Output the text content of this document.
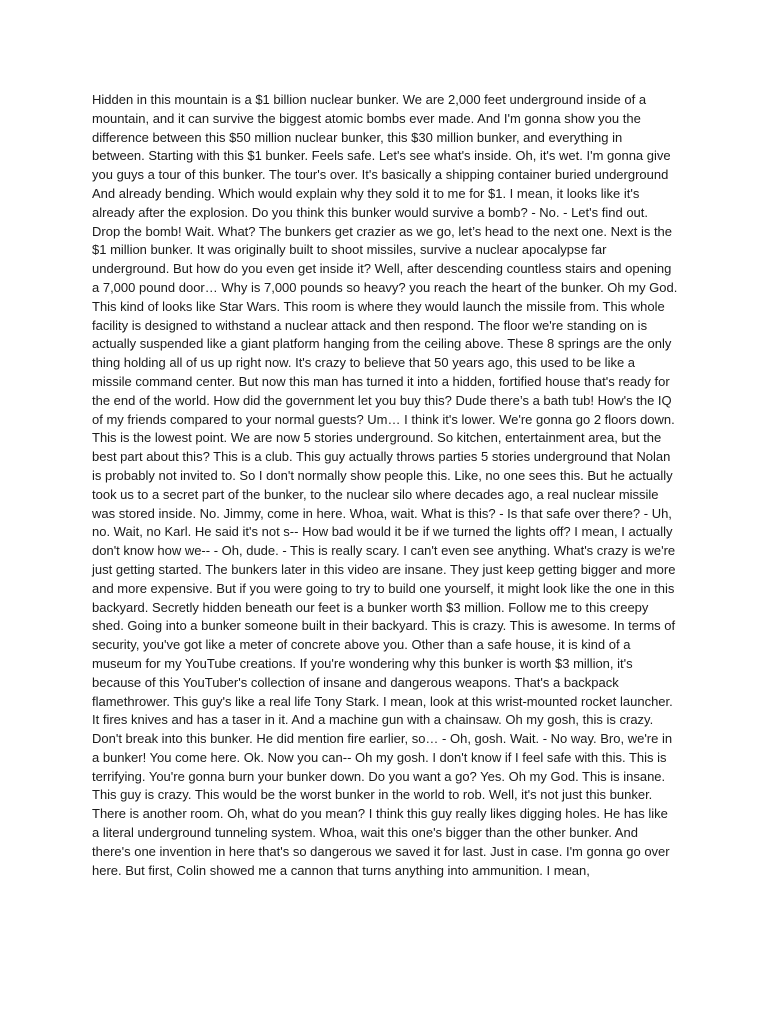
Hidden in this mountain is a $1 billion nuclear bunker. We are 2,000 feet underground inside of a mountain, and it can survive the biggest atomic bombs ever made. And I'm gonna show you the difference between this $50 million nuclear bunker, this $30 million bunker, and everything in between. Starting with this $1 bunker. Feels safe. Let's see what's inside. Oh, it's wet. I'm gonna give you guys a tour of this bunker. The tour's over. It's basically a shipping container buried underground And already bending. Which would explain why they sold it to me for $1. I mean, it looks like it's already after the explosion. Do you think this bunker would survive a bomb? - No. - Let's find out. Drop the bomb! Wait. What? The bunkers get crazier as we go, let’s head to the next one. Next is the $1 million bunker. It was originally built to shoot missiles, survive a nuclear apocalypse far underground. But how do you even get inside it? Well, after descending countless stairs and opening a 7,000 pound door… Why is 7,000 pounds so heavy? you reach the heart of the bunker. Oh my God. This kind of looks like Star Wars. This room is where they would launch the missile from. This whole facility is designed to withstand a nuclear attack and then respond. The floor we're standing on is actually suspended like a giant platform hanging from the ceiling above. These 8 springs are the only thing holding all of us up right now. It's crazy to believe that 50 years ago, this used to be like a missile command center. But now this man has turned it into a hidden, fortified house that's ready for the end of the world. How did the government let you buy this? Dude there’s a bath tub! How's the IQ of my friends compared to your normal guests? Um… I think it's lower. We're gonna go 2 floors down. This is the lowest point. We are now 5 stories underground. So kitchen, entertainment area, but the best part about this? This is a club. This guy actually throws parties 5 stories underground that Nolan is probably not invited to. So I don't normally show people this. Like, no one sees this. But he actually took us to a secret part of the bunker, to the nuclear silo where decades ago, a real nuclear missile was stored inside. No. Jimmy, come in here. Whoa, wait. What is this? - Is that safe over there? - Uh, no. Wait, no Karl. He said it's not s-- How bad would it be if we turned the lights off? I mean, I actually don't know how we-- - Oh, dude. - This is really scary. I can't even see anything. What's crazy is we're just getting started. The bunkers later in this video are insane. They just keep getting bigger and more and more expensive. But if you were going to try to build one yourself, it might look like the one in this backyard. Secretly hidden beneath our feet is a bunker worth $3 million. Follow me to this creepy shed. Going into a bunker someone built in their backyard. This is crazy. This is awesome. In terms of security, you've got like a meter of concrete above you. Other than a safe house, it is kind of a museum for my YouTube creations. If you're wondering why this bunker is worth $3 million, it's because of this YouTuber's collection of insane and dangerous weapons. That's a backpack flamethrower. This guy's like a real life Tony Stark. I mean, look at this wrist-mounted rocket launcher. It fires knives and has a taser in it. And a machine gun with a chainsaw. Oh my gosh, this is crazy. Don't break into this bunker. He did mention fire earlier, so… - Oh, gosh. Wait. - No way. Bro, we're in a bunker! You come here. Ok. Now you can-- Oh my gosh. I don't know if I feel safe with this. This is terrifying. You're gonna burn your bunker down. Do you want a go? Yes. Oh my God. This is insane. This guy is crazy. This would be the worst bunker in the world to rob. Well, it's not just this bunker. There is another room. Oh, what do you mean? I think this guy really likes digging holes. He has like a literal underground tunneling system. Whoa, wait this one's bigger than the other bunker. And there's one invention in here that's so dangerous we saved it for last. Just in case. I'm gonna go over here. But first, Colin showed me a cannon that turns anything into ammunition. I mean,
